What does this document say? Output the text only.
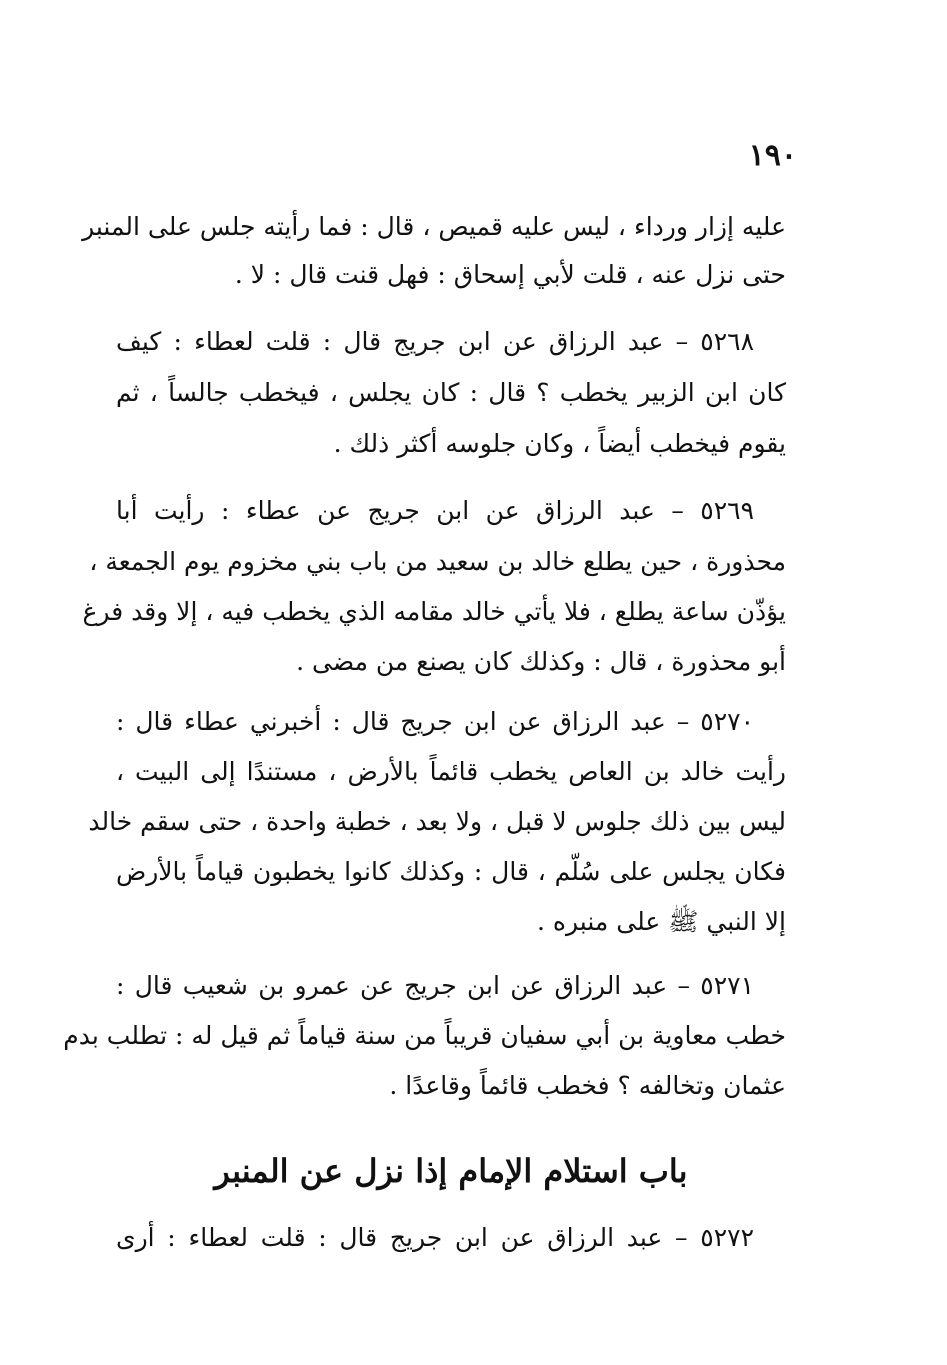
١٩٠

عليه إزار ورداء ، ليس عليه قميص ، قال : فما رأيته جلس على المنبر

حتى نزل عنه ، قلت لأبي إسحاق : فهل قنت قال : لا .

٥٢٦٨ – عبد الرزاق عن ابن جريج قال : قلت لعطاء : كيف

كان ابن الزبير يخطب ؟ قال : كان يجلس ، فيخطب جالساً ، ثم

يقوم فيخطب أيضاً ، وكان جلوسه أكثر ذلك .

٥٢٦٩ – عبد الرزاق عن ابن جريج عن عطاء : رأيت أبا

محذورة ، حين يطلع خالد بن سعيد من باب بني مخزوم يوم الجمعة ،

يؤذّن ساعة يطلع ، فلا يأتي خالد مقامه الذي يخطب فيه ، إلا وقد فرغ

أبو محذورة ، قال : وكذلك كان يصنع من مضى .

٥٢٧٠ – عبد الرزاق عن ابن جريج قال : أخبرني عطاء قال :

رأيت خالد بن العاص يخطب قائماً بالأرض ، مستندًا إلى البيت ،

ليس بين ذلك جلوس لا قبل ، ولا بعد ، خطبة واحدة ، حتى سقم خالد

فكان يجلس على سُلّم ، قال : وكذلك كانوا يخطبون قياماً بالأرض

إلا النبي ﷺ على منبره .

٥٢٧١ – عبد الرزاق عن ابن جريج عن عمرو بن شعيب قال :

خطب معاوية بن أبي سفيان قريباً من سنة قياماً ثم قيل له : تطلب بدم

عثمان وتخالفه ؟ فخطب قائماً وقاعدًا .

باب استلام الإمام إذا نزل عن المنبر

٥٢٧٢ – عبد الرزاق عن ابن جريج قال : قلت لعطاء : أرى
